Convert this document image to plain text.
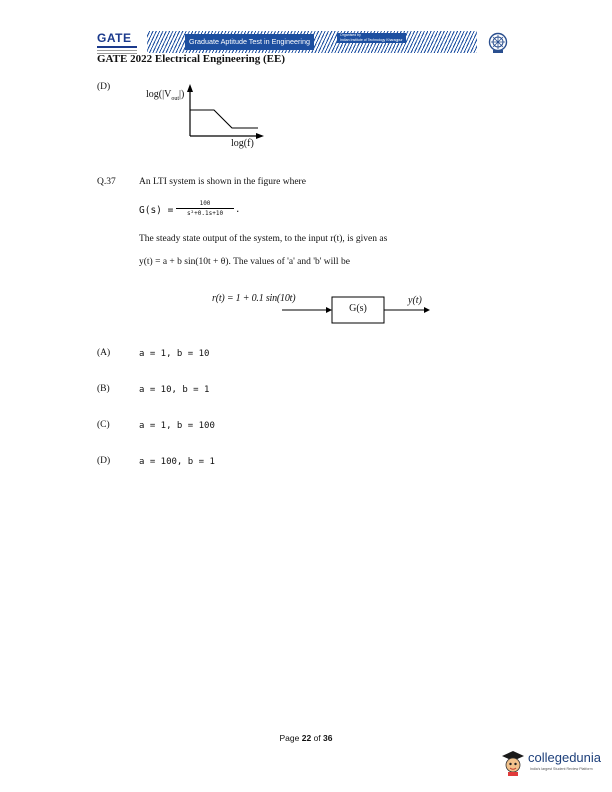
GATE	Graduate Aptitude Test in Engineering
Organised by
Indian Institute of Technology Kharagpur
GATE 2022 Electrical Engineering (EE)
(D)
$\log(|V_{out}|)$
log(f)
Q.37 An LTI system is shown in the figure where
G(s) =
100
s²+0.1s+10	.
The steady state output of the system, to the input r(t), is given as
y(t) = a + b sin(10t + θ). The values of 'a' and 'b' will be
r(t) = 1 + 0.1 sin(10t)
G(s)
y(t)
(A)	a = 1, b = 10
(B)	a = 10, b = 1
(C)	a = 1, b = 100
(D)	a = 100, b = 1
Page 22 of 36
collegedunia
India's largest Student Review Platform
